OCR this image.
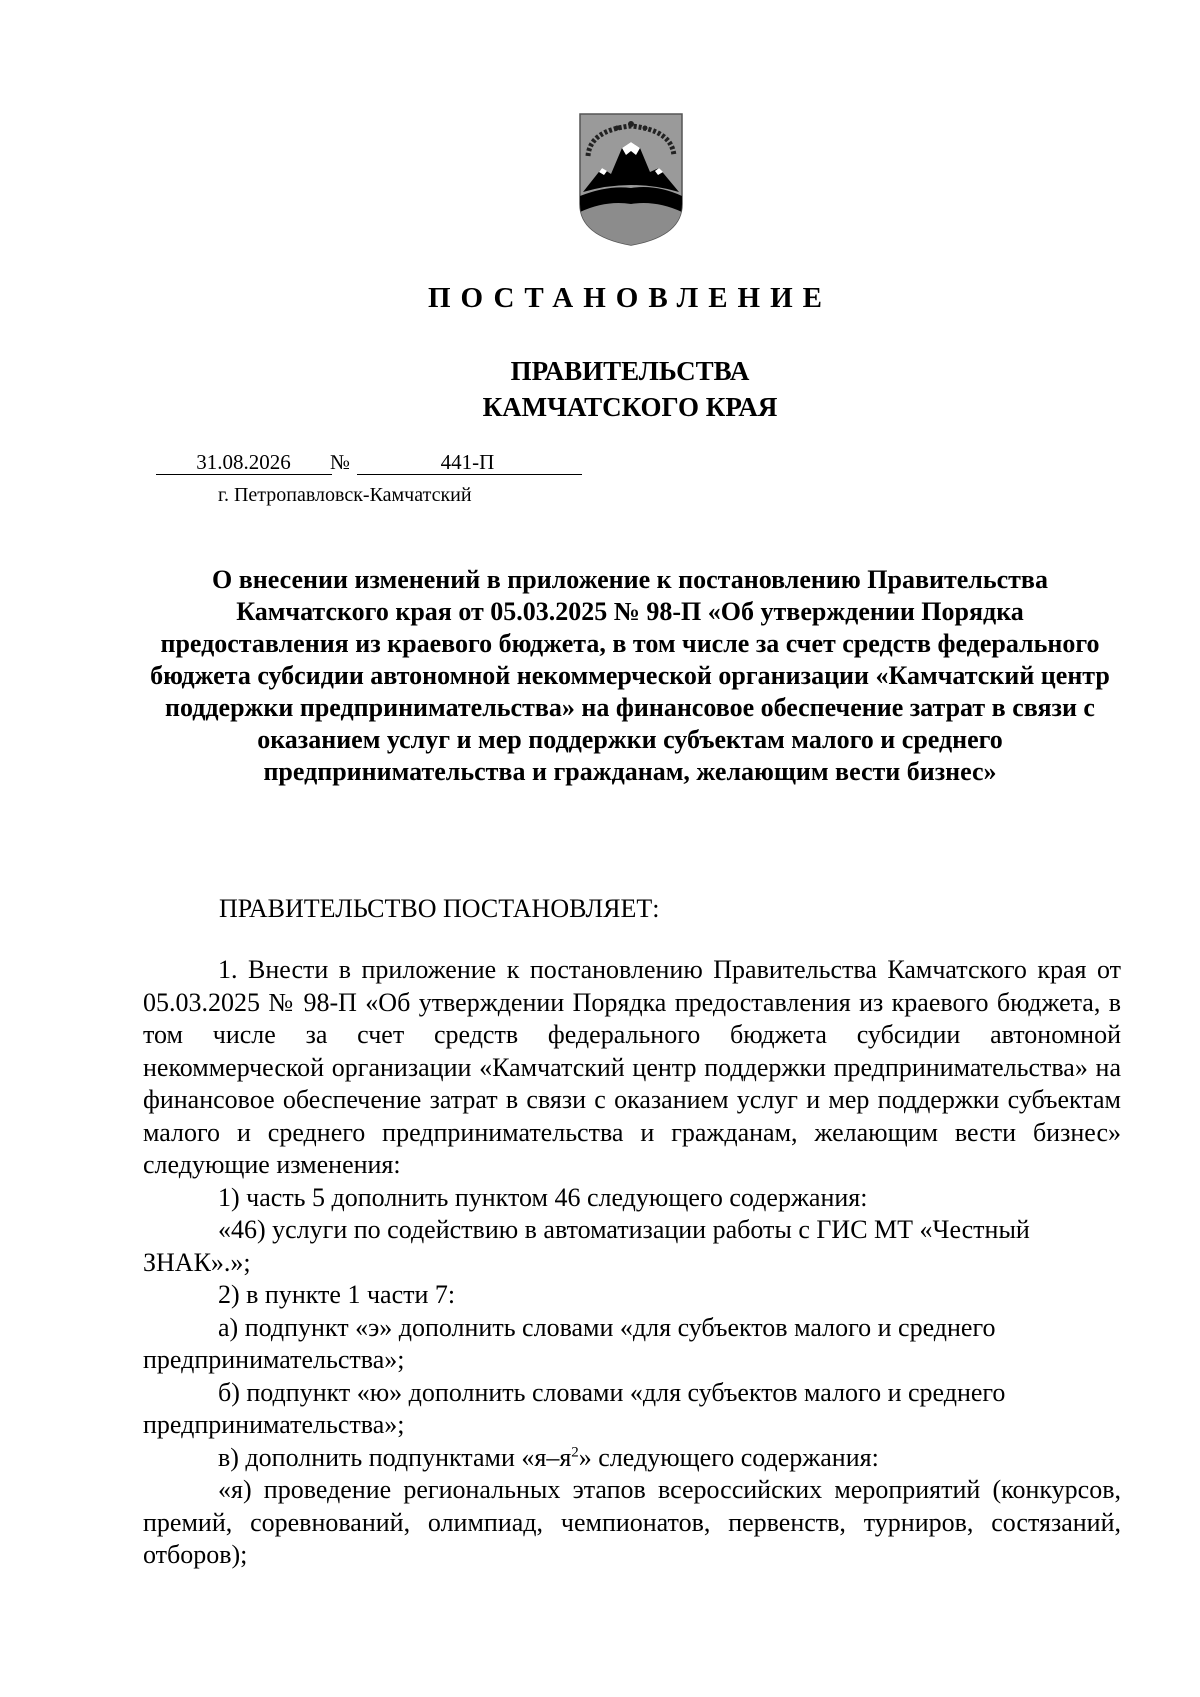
ПОСТАНОВЛЕНИЕ
ПРАВИТЕЛЬСТВА
КАМЧАТСКОГО КРАЯ
31.08.2026	№	441-П
г. Петропавловск-Камчатский
О внесении изменений в приложение к постановлению Правительства Камчатского края от 05.03.2025 № 98-П «Об утверждении Порядка предоставления из краевого бюджета, в том числе за счет средств федерального бюджета субсидии автономной некоммерческой организации «Камчатский центр поддержки предпринимательства» на финансовое обеспечение затрат в связи с оказанием услуг и мер поддержки субъектам малого и среднего предпринимательства и гражданам, желающим вести бизнес»
ПРАВИТЕЛЬСТВО ПОСТАНОВЛЯЕТ:

1. Внести в приложение к постановлению Правительства Камчатского края от 05.03.2025 № 98-П «Об утверждении Порядка предоставления из краевого бюджета, в том числе за счет средств федерального бюджета субсидии автономной некоммерческой организации «Камчатский центр поддержки предпринимательства» на финансовое обеспечение затрат в связи с оказанием услуг и мер поддержки субъектам малого и среднего предпринимательства и гражданам, желающим вести бизнес» следующие изменения:

1) часть 5 дополнить пунктом 46 следующего содержания:

«46) услуги по содействию в автоматизации работы с ГИС МТ «Честный

ЗНАК».»;

2) в пункте 1 части 7:

а) подпункт «э» дополнить словами «для субъектов малого и среднего

предпринимательства»;

б) подпункт «ю» дополнить словами «для субъектов малого и среднего

предпринимательства»;

в) дополнить подпунктами «$я-я^2$» следующего содержания:

«я) проведение региональных этапов всероссийских мероприятий (конкурсов, премий, соревнований, олимпиад, чемпионатов, первенств, турниров, состязаний, отборов);
